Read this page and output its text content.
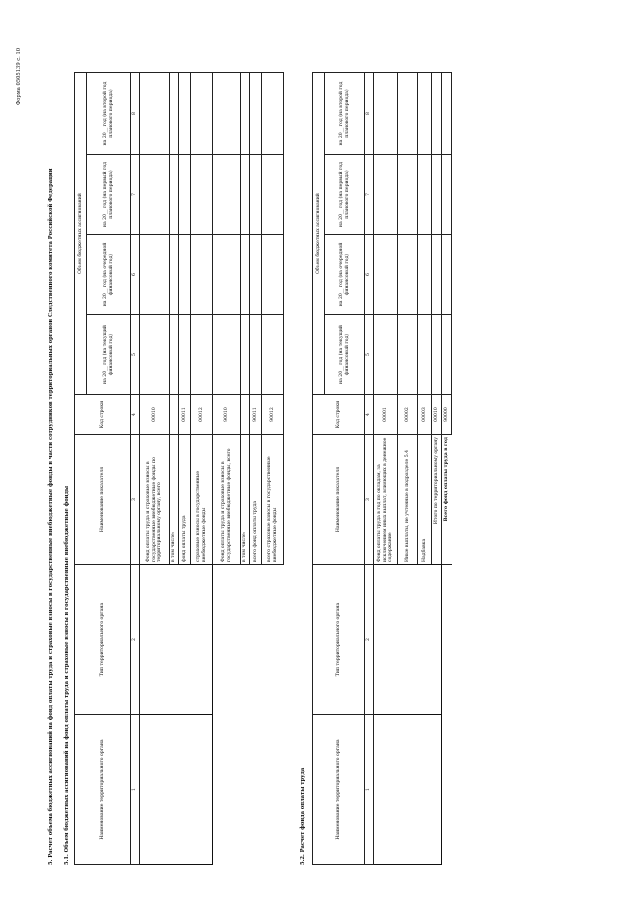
Форма 0505139 с. 10
5. Расчет объема бюджетных ассигнований на фонд оплаты труда и страховые взносы в государственные внебюджетные фонды в части сотрудников территориальных органов Следственного комитета Российской Федерации 5.1. Объем бюджетных ассигнований на фонд оплаты труда и страховые взносы в государственные внебюджетные фонды	Наименование территориального органа	Тип территориального органа	Наименование показателя	Код строки	Объем бюджетных ассигнований			
				на 20__ год (на текущий финансовый год)	на 20__ год (на очередной финансовый год)	на 20__ год (на первый год планового периода)	на 20__ год (на второй год планового периода)
1	2	3	4	5	6	7	8
		Фонд оплаты труда и страховые взносы в государственные внебюджетные фонды по территориальному органу, всего	00010				
		в том числе:					
		фонд оплаты труда	00011				
		страховые взносы в государственные внебюджетные фонды	00012				
		Фонд оплаты труда и страховые взносы в государственные внебюджетные фонды, всего	90010				
		в том числе:					
		всего фонд оплаты труда	90011				
		всего страховые взносы в государственные внебюджетные фонды	90012				
5.2. Расчет фонда оплаты труда	Наименование территориального органа	Тип территориального органа	Наименование показателя	Код строки	Объем бюджетных ассигнований			
				на 20__ год (на текущий финансовый год)	на 20__ год (на очередной финансовый год)	на 20__ год (на первый год планового периода)	на 20__ год (на второй год планового периода)
1	2	3	4	5	6	7	8
		Фонд оплаты труда в год по окладам, за исключением иных выплат, влияющих в денежное содержание	00001				
		Иные выплаты, не учтенные в подразделе 5.4	00002				
		Надбавка	00003				
		Итого по территориальному органу	00010				
		Всего фонд оплаты труда в год	90000				
